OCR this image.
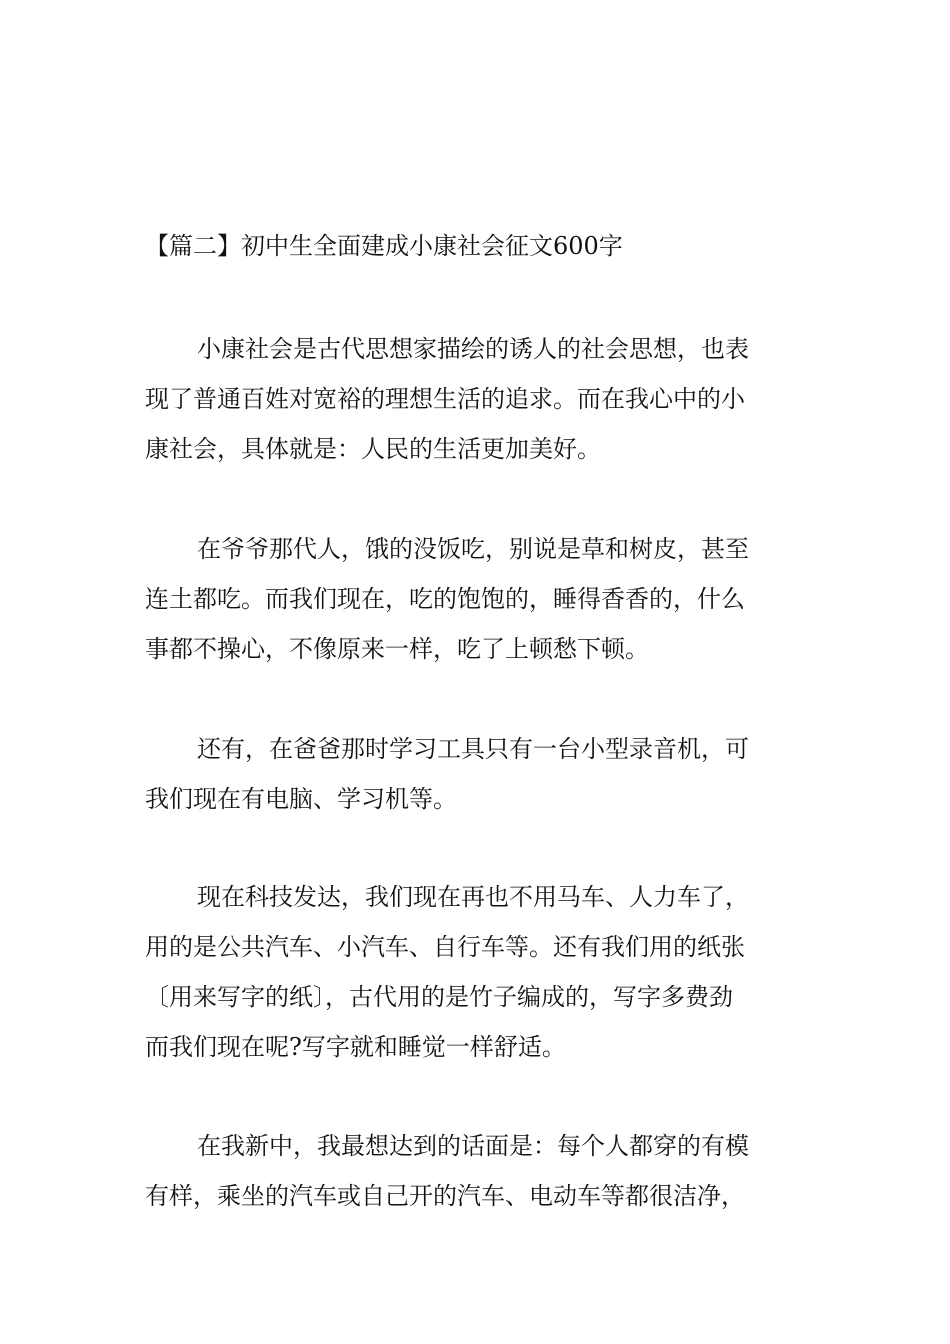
【篇二】初中生全面建成小康社会征文600字
小康社会是古代思想家描绘的诱人的社会思想，也表
现了普通百姓对宽裕的理想生活的追求。而在我心中的小
康社会，具体就是：人民的生活更加美好。
在爷爷那代人，饿的没饭吃，别说是草和树皮，甚至
连土都吃。而我们现在，吃的饱饱的，睡得香香的，什么
事都不操心，不像原来一样，吃了上顿愁下顿。
还有，在爸爸那时学习工具只有一台小型录音机，可
我们现在有电脑、学习机等。
现在科技发达，我们现在再也不用马车、人力车了，
用的是公共汽车、小汽车、自行车等。还有我们用的纸张
〔用来写字的纸〕，古代用的是竹子编成的，写字多费劲
而我们现在呢?写字就和睡觉一样舒适。
在我新中，我最想达到的话面是：每个人都穿的有模
有样，乘坐的汽车或自己开的汽车、电动车等都很洁净，
